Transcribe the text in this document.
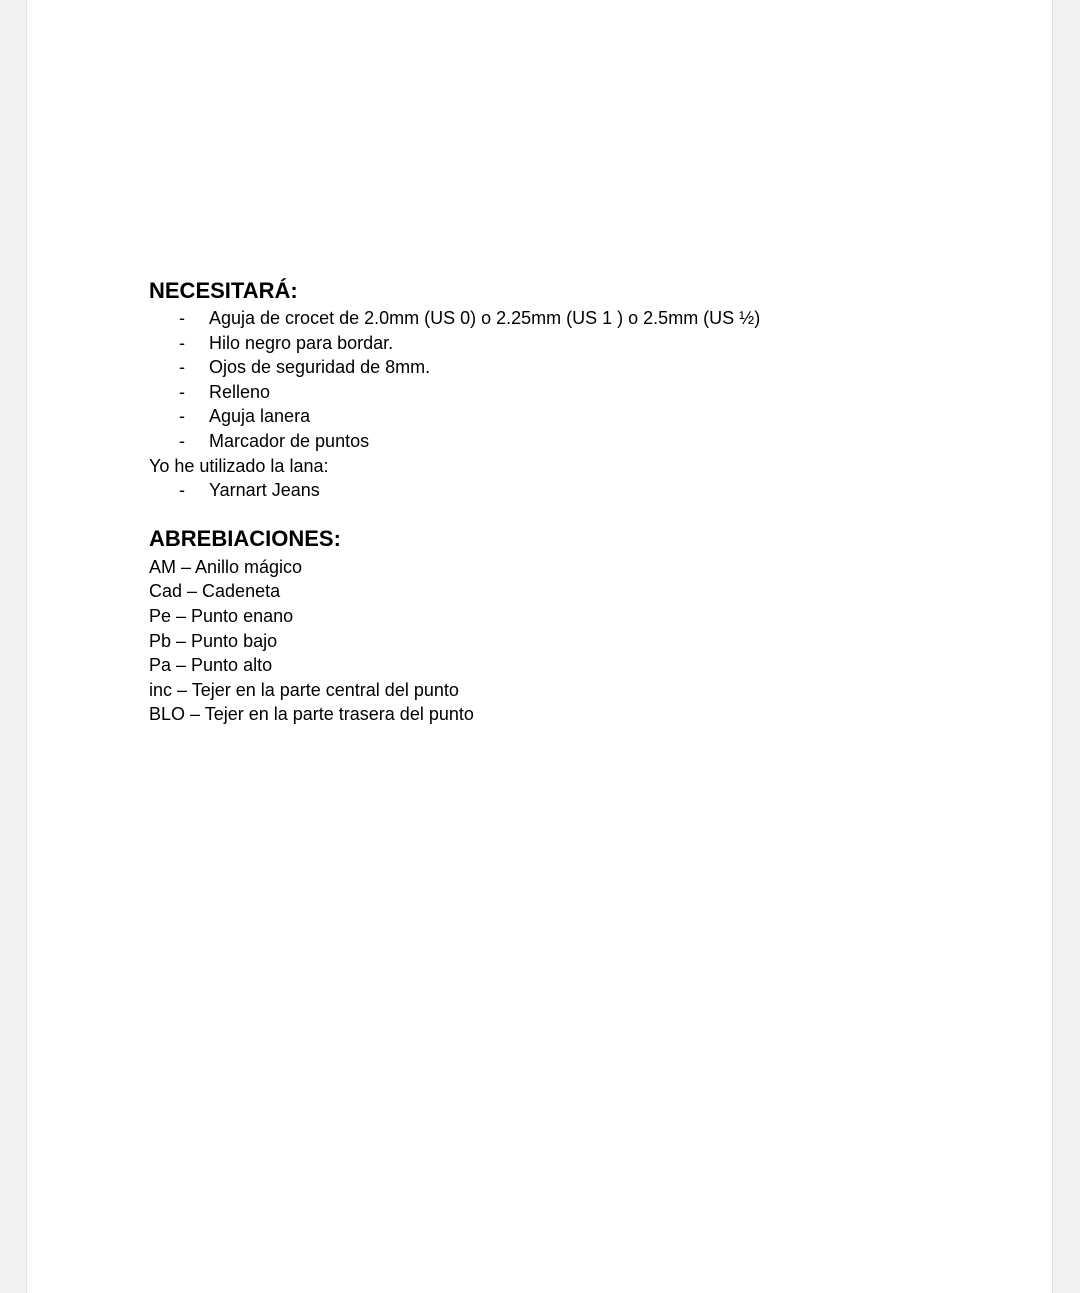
NECESITARÁ:
- Aguja de crocet de 2.0mm (US 0) o 2.25mm (US 1 ) o 2.5mm (US ½)
- Hilo negro para bordar.
- Ojos de seguridad de 8mm.
- Relleno
- Aguja lanera
- Marcador de puntos

Yo he utilizado la lana:

- Yarnart Jeans
ABREBIACIONES:

AM – Anillo mágico

Cad – Cadeneta

Pe – Punto enano

Pb – Punto bajo

Pa – Punto alto

inc – Tejer en la parte central del punto

BLO – Tejer en la parte trasera del punto
